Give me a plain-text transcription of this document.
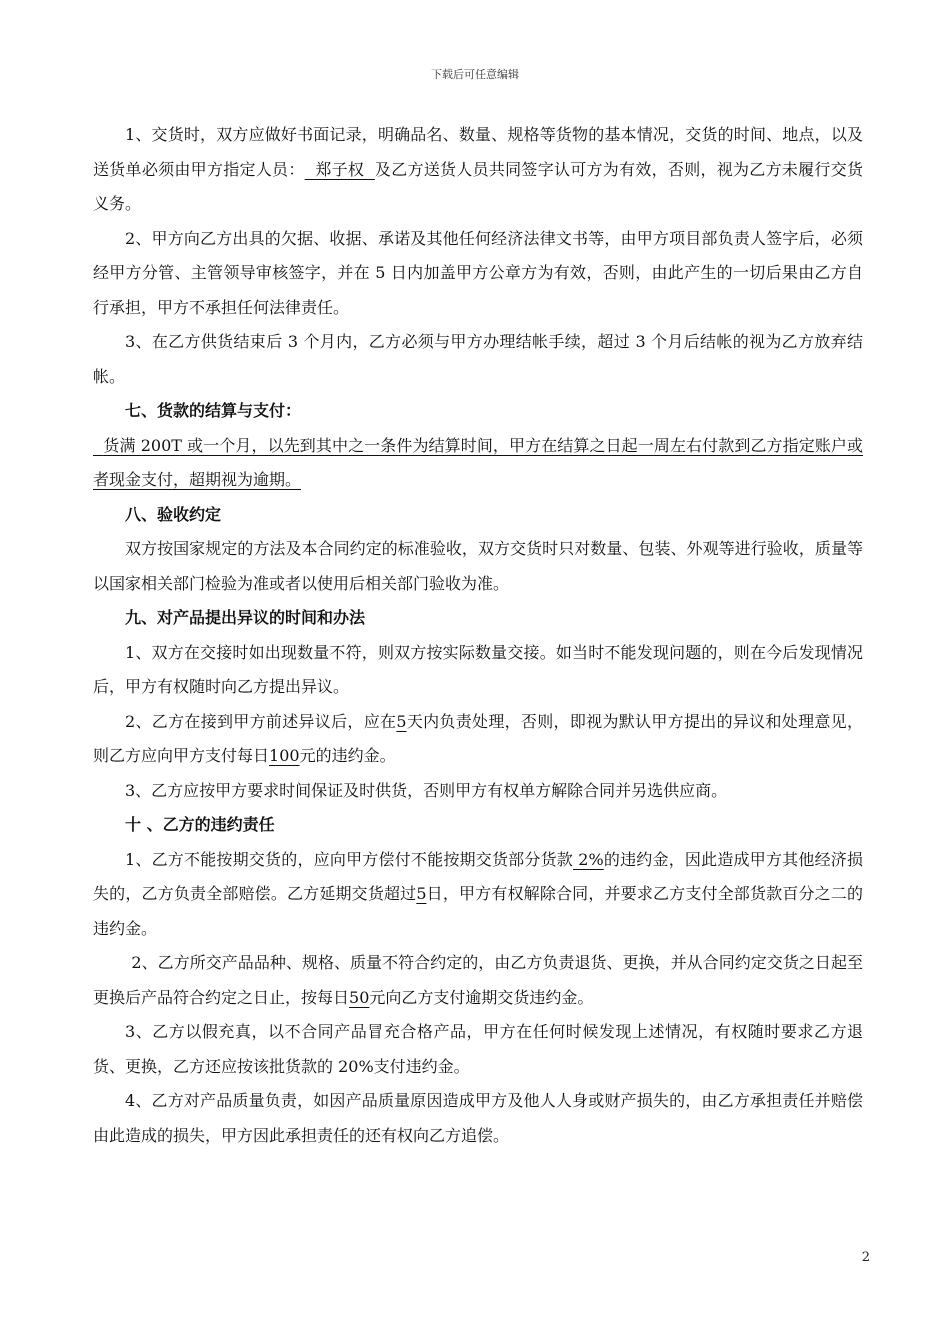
下载后可任意编辑

1、交货时，双方应做好书面记录，明确品名、数量、规格等货物的基本情况，交货的时间、地点，以及送货单必须由甲方指定人员：  郑子权  及乙方送货人员共同签字认可方为有效，否则，视为乙方未履行交货义务。

2、甲方向乙方出具的欠据、收据、承诺及其他任何经济法律文书等，由甲方项目部负责人签字后，必须经甲方分管、主管领导审核签字，并在 5 日内加盖甲方公章方为有效，否则，由此产生的一切后果由乙方自行承担，甲方不承担任何法律责任。

3、在乙方供货结束后 3 个月内，乙方必须与甲方办理结帐手续，超过 3 个月后结帐的视为乙方放弃结帐。

七、货款的结算与支付：

货满 200T 或一个月，以先到其中之一条件为结算时间，甲方在结算之日起一周左右付款到乙方指定账户或者现金支付，超期视为逾期。

八、验收约定

双方按国家规定的方法及本合同约定的标准验收，双方交货时只对数量、包装、外观等进行验收，质量等以国家相关部门检验为准或者以使用后相关部门验收为准。

九、对产品提出异议的时间和办法

1、双方在交接时如出现数量不符，则双方按实际数量交接。如当时不能发现问题的，则在今后发现情况后，甲方有权随时向乙方提出异议。

2、乙方在接到甲方前述异议后，应在5天内负责处理，否则，即视为默认甲方提出的异议和处理意见，则乙方应向甲方支付每日100元的违约金。

3、乙方应按甲方要求时间保证及时供货，否则甲方有权单方解除合同并另选供应商。

十 、乙方的违约责任

1、乙方不能按期交货的，应向甲方偿付不能按期交货部分货款 2%的违约金，因此造成甲方其他经济损失的，乙方负责全部赔偿。乙方延期交货超过5日，甲方有权解除合同，并要求乙方支付全部货款百分之二的违约金。

2、乙方所交产品品种、规格、质量不符合约定的，由乙方负责退货、更换，并从合同约定交货之日起至更换后产品符合约定之日止，按每日50元向乙方支付逾期交货违约金。

3、乙方以假充真，以不合同产品冒充合格产品，甲方在任何时候发现上述情况，有权随时要求乙方退货、更换，乙方还应按该批货款的 20%支付违约金。

4、乙方对产品质量负责，如因产品质量原因造成甲方及他人人身或财产损失的，由乙方承担责任并赔偿由此造成的损失，甲方因此承担责任的还有权向乙方追偿。

2
